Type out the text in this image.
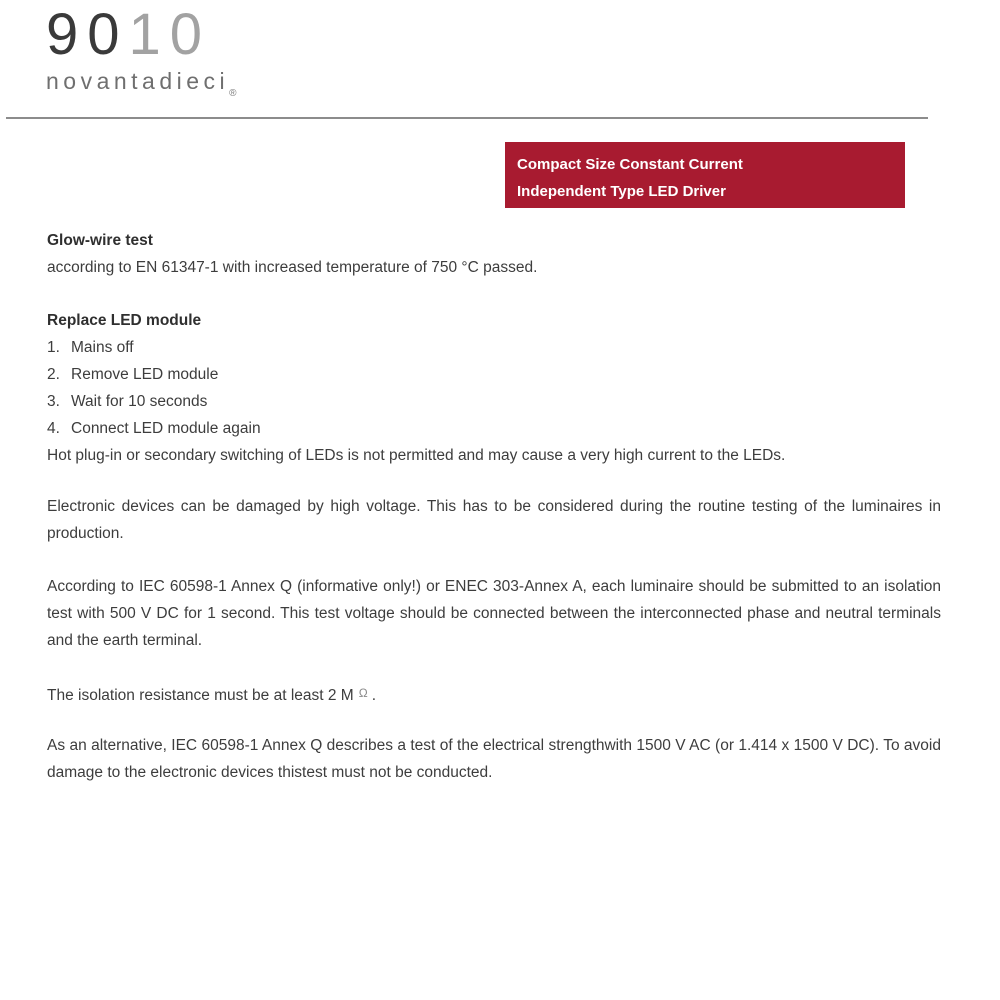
9010
novantadieci$_®$
Compact Size Constant Current
Independent Type LED Driver
Glow-wire test
according to EN 61347-1 with increased temperature of 750 °C passed.
Replace LED module
1. Mains off
2. Remove LED module
3. Wait for 10 seconds
4. Connect LED module again
Hot plug-in or secondary switching of LEDs is not permitted and may cause a very high current to the LEDs.
Electronic devices can be damaged by high voltage. This has to be considered during the routine testing of the luminaires in production.
According to IEC 60598-1 Annex Q (informative only!) or ENEC 303-Annex A, each luminaire should be submitted to an isolation test with 500 V DC for 1 second. This test voltage should be connected between the interconnected phase and neutral terminals and the earth terminal.
The isolation resistance must be at least 2 M Ω .
As an alternative, IEC 60598-1 Annex Q describes a test of the electrical strengthwith 1500 V AC (or 1.414 x 1500 V DC). To avoid damage to the electronic devices thistest must not be conducted.
